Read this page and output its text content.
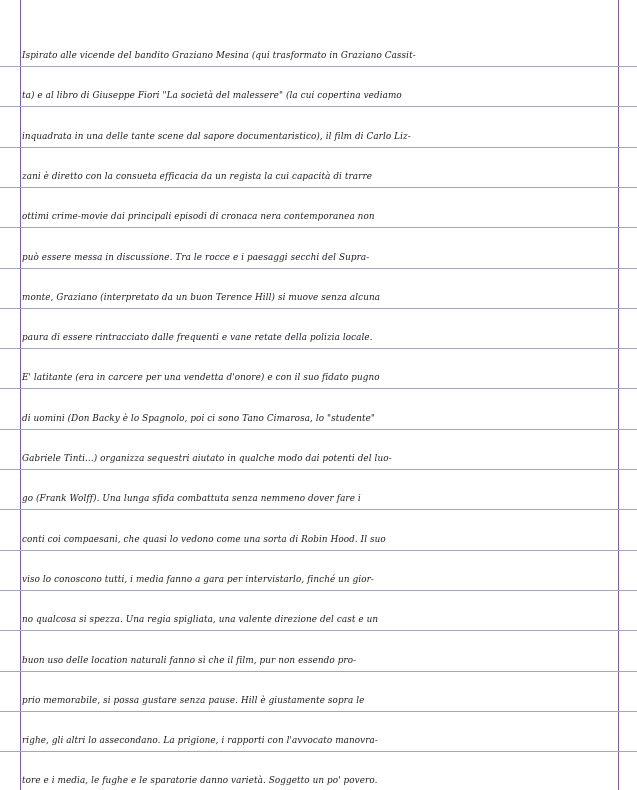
Ispirato alle vicende del bandito Graziano Mesina (qui trasformato in Graziano Cassit-
ta) e al libro di Giuseppe Fiori "La società del malessere" (la cui copertina vediamo
inquadrata in una delle tante scene dal sapore documentaristico), il film di Carlo Liz-
zani è diretto con la consueta efficacia da un regista la cui capacità di trarre
ottimi crime-movie dai principali episodi di cronaca nera contemporanea non
può essere messa in discussione. Tra le rocce e i paesaggi secchi del Supra-
monte, Graziano (interpretato da un buon Terence Hill) si muove senza alcuna
paura di essere rintracciato dalle frequenti e vane retate della polizia locale.
E' latitante (era in carcere per una vendetta d'onore) e con il suo fidato pugno
di uomini (Don Backy è lo Spagnolo, poi ci sono Tano Cimarosa, lo "studente"
Gabriele Tinti...) organizza sequestri aiutato in qualche modo dai potenti del luo-
go (Frank Wolff). Una lunga sfida combattuta senza nemmeno dover fare i
conti coi compaesani, che quasi lo vedono come una sorta di Robin Hood. Il suo
viso lo conoscono tutti, i media fanno a gara per intervistarlo, finché un gior-
no qualcosa si spezza. Una regia spigliata, una valente direzione del cast e un
buon uso delle location naturali fanno sì che il film, pur non essendo pro-
prio memorabile, si possa gustare senza pause. Hill è giustamente sopra le
righe, gli altri lo assecondano. La prigione, i rapporti con l'avvocato manovra-
tore e i media, le fughe e le sparatorie danno varietà. Soggetto un po' povero.
